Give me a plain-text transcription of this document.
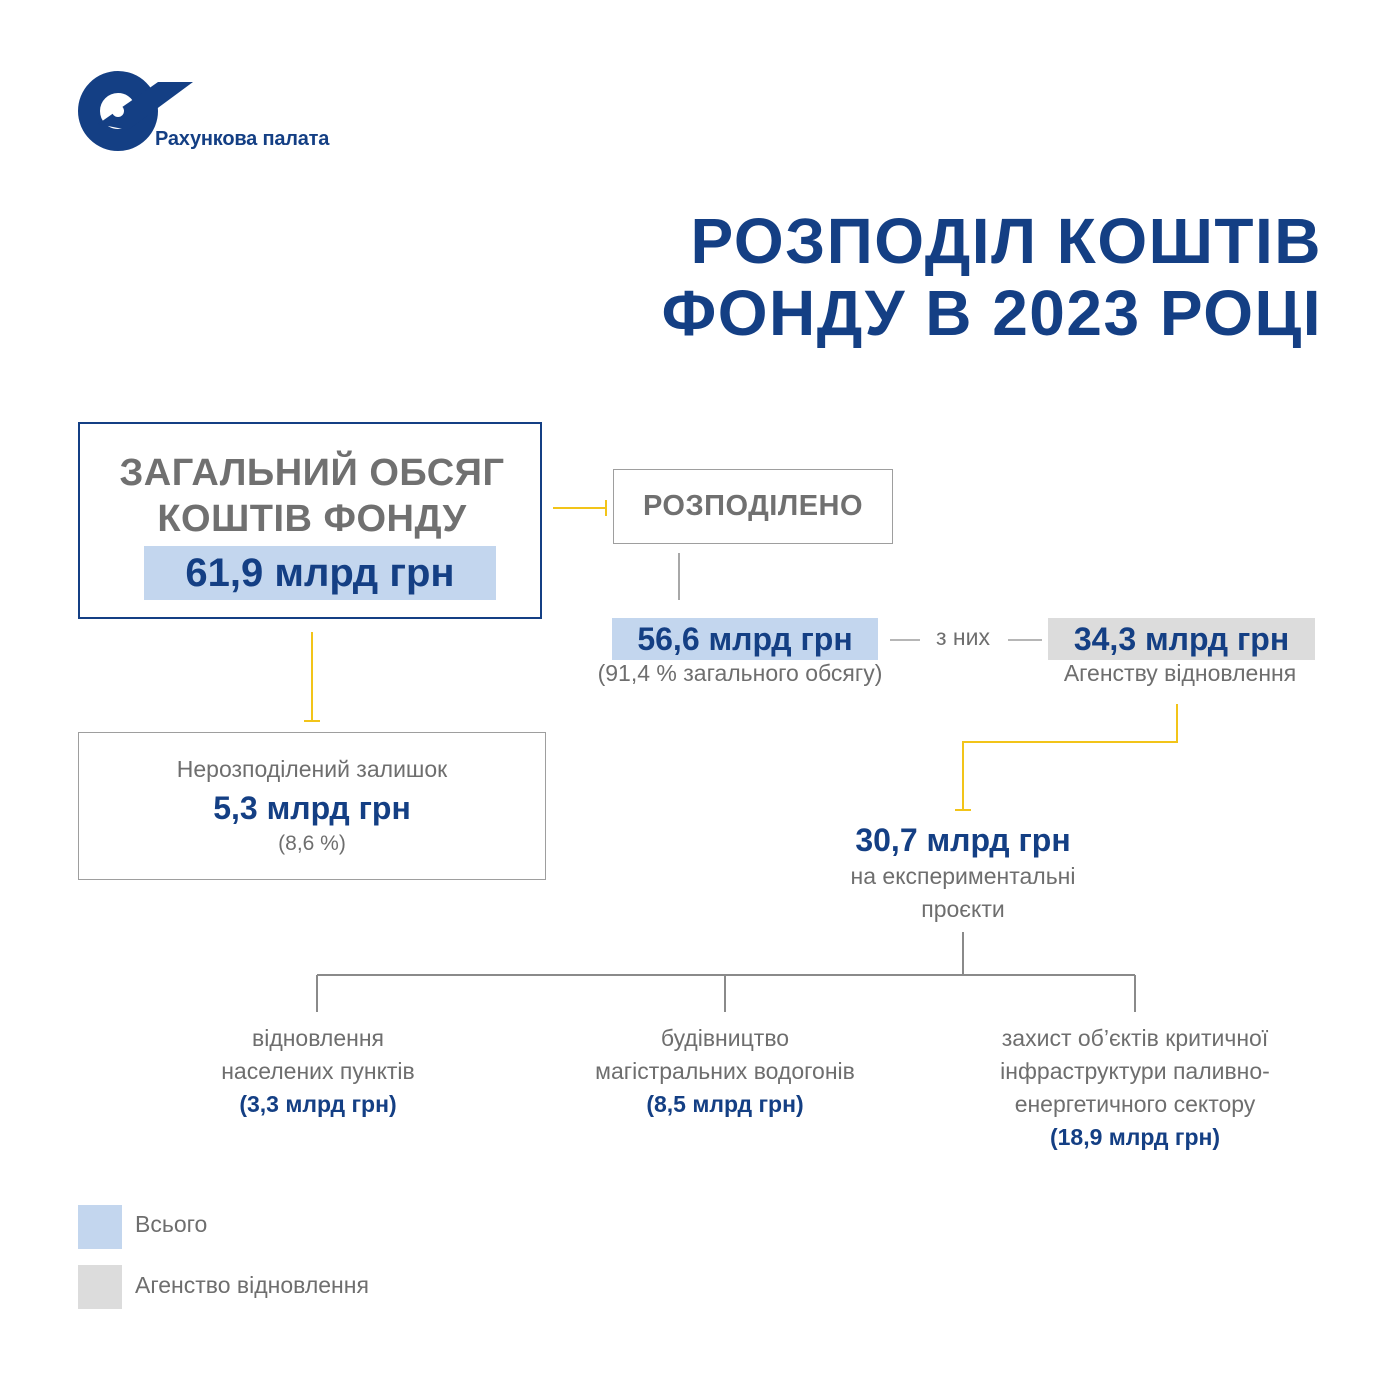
Рахункова палата
РОЗПОДІЛ КОШТІВ
ФОНДУ В 2023 РОЦІ
ЗАГАЛЬНИЙ ОБСЯГ
КОШТІВ ФОНДУ
61,9 млрд грн
РОЗПОДІЛЕНО
56,6 млрд грн
(91,4 % загального обсягу)
з них	34,3 млрд грн
Агенству відновлення
Нерозподілений залишок
5,3 млрд грн
(8,6 %)	30,7 млрд грн
на експериментальні
проєкти
відновлення
населених пунктів
(3,3 млрд грн)
будівництво
магістральних водогонів
(8,5 млрд грн)
захист об’єктів критичної
інфраструктури паливно-
енергетичного сектору
(18,9 млрд грн)
Всього
Агенство відновлення
